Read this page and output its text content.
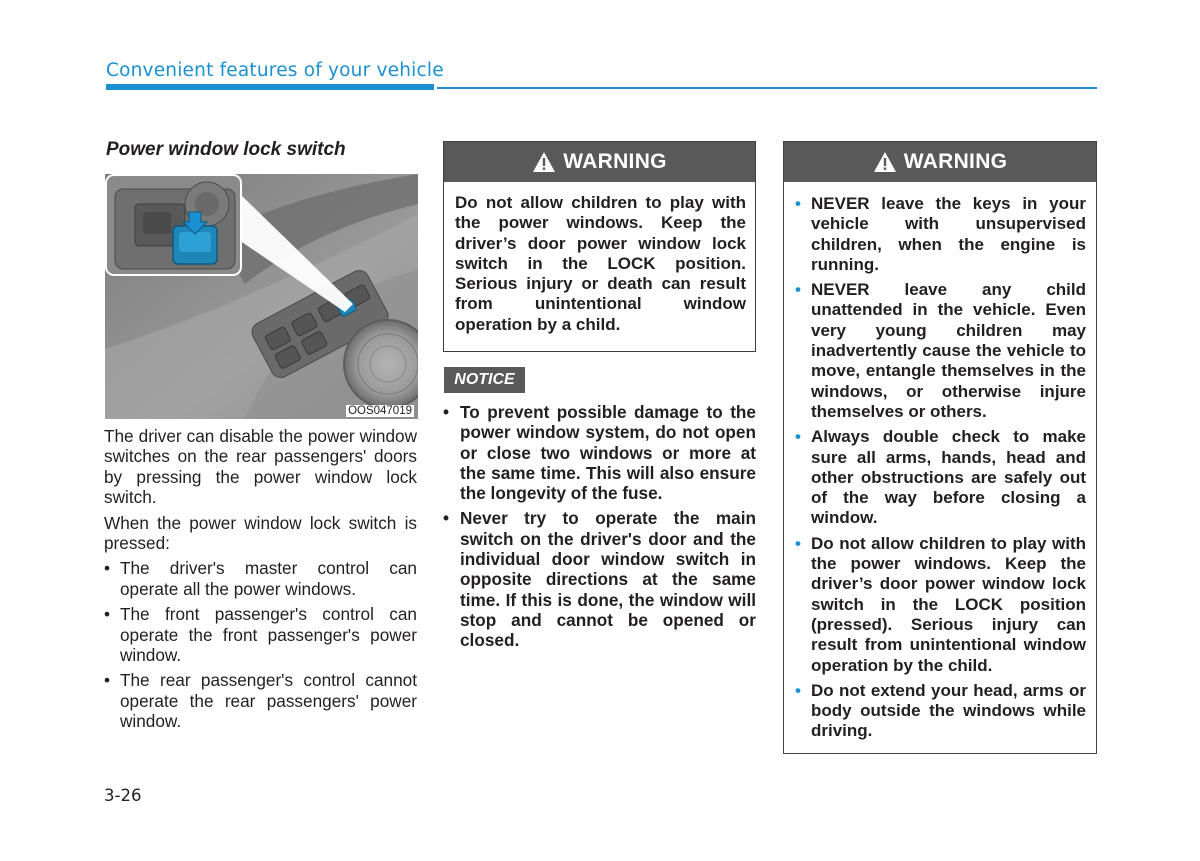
Convenient features of your vehicle
Power window lock switch
OOS047019

The driver can disable the power window switches on the rear passengers' doors by pressing the power window lock switch.

When the power window lock switch is pressed:

• The driver's master control can operate all the power windows.
• The front passenger's control can operate the front passenger's power window.
• The rear passenger's control cannot operate the rear passengers' power window.
WARNING
Do not allow children to play with the power windows. Keep the driver’s door power window lock switch in the LOCK position. Serious injury or death can result from unintentional window operation by a child.
NOTICE
• To prevent possible damage to the power window system, do not open or close two windows or more at the same time. This will also ensure the longevity of the fuse.
• Never try to operate the main switch on the driver's door and the individual door window switch in opposite directions at the same time. If this is done, the window will stop and cannot be opened or closed.
WARNING
• NEVER leave the keys in your vehicle with unsupervised children, when the engine is running.
• NEVER leave any child unattended in the vehicle. Even very young children may inadvertently cause the vehicle to move, entangle themselves in the windows, or otherwise injure themselves or others.
• Always double check to make sure all arms, hands, head and other obstructions are safely out of the way before closing a window.
• Do not allow children to play with the power windows. Keep the driver’s door power window lock switch in the LOCK position (pressed). Serious injury can result from unintentional window operation by the child.
• Do not extend your head, arms or body outside the windows while driving.
3-26
